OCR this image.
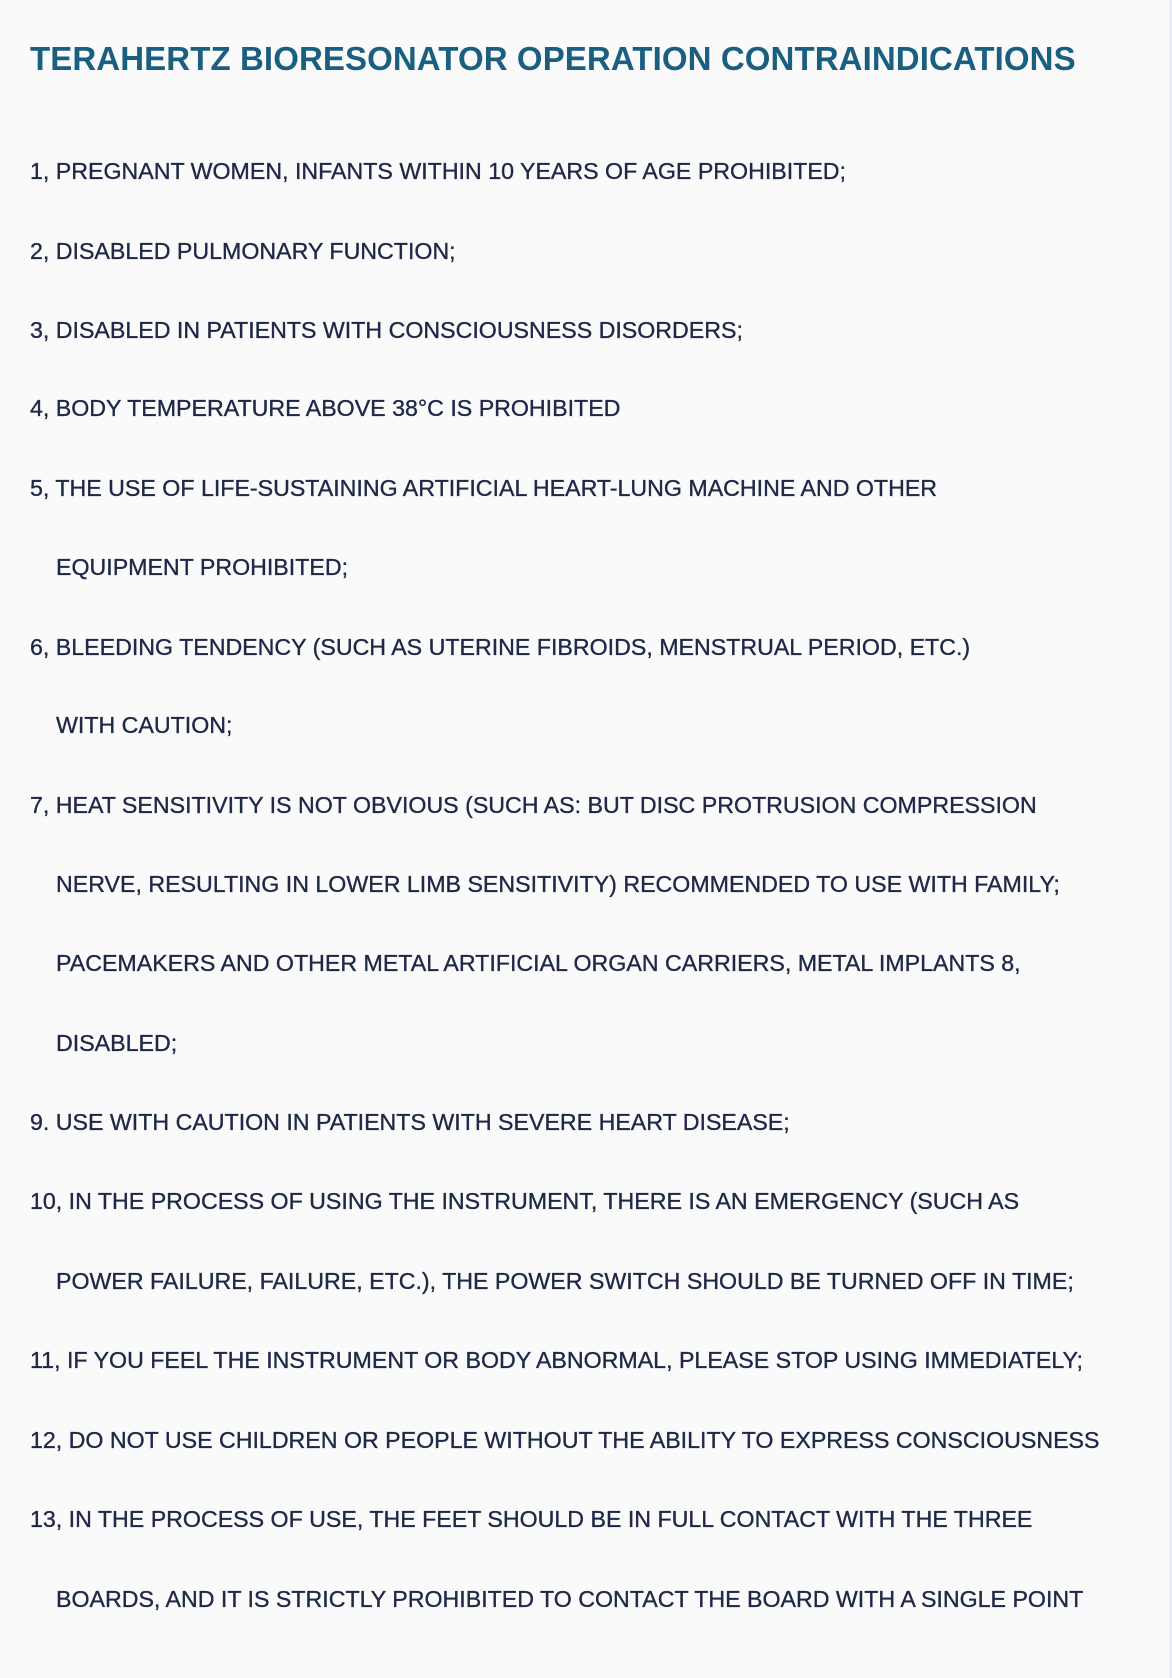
TERAHERTZ BIORESONATOR OPERATION CONTRAINDICATIONS

1, PREGNANT WOMEN, INFANTS WITHIN 10 YEARS OF AGE PROHIBITED;

2, DISABLED PULMONARY FUNCTION;

3, DISABLED IN PATIENTS WITH CONSCIOUSNESS DISORDERS;

4, BODY TEMPERATURE ABOVE 38°C IS PROHIBITED

5, THE USE OF LIFE-SUSTAINING ARTIFICIAL HEART-LUNG MACHINE AND OTHER

EQUIPMENT PROHIBITED;

6, BLEEDING TENDENCY (SUCH AS UTERINE FIBROIDS, MENSTRUAL PERIOD, ETC.)

WITH CAUTION;

7, HEAT SENSITIVITY IS NOT OBVIOUS (SUCH AS: BUT DISC PROTRUSION COMPRESSION

NERVE, RESULTING IN LOWER LIMB SENSITIVITY) RECOMMENDED TO USE WITH FAMILY;

PACEMAKERS AND OTHER METAL ARTIFICIAL ORGAN CARRIERS, METAL IMPLANTS 8,

DISABLED;

9. USE WITH CAUTION IN PATIENTS WITH SEVERE HEART DISEASE;

10, IN THE PROCESS OF USING THE INSTRUMENT, THERE IS AN EMERGENCY (SUCH AS

POWER FAILURE, FAILURE, ETC.), THE POWER SWITCH SHOULD BE TURNED OFF IN TIME;

11, IF YOU FEEL THE INSTRUMENT OR BODY ABNORMAL, PLEASE STOP USING IMMEDIATELY;

12, DO NOT USE CHILDREN OR PEOPLE WITHOUT THE ABILITY TO EXPRESS CONSCIOUSNESS

13, IN THE PROCESS OF USE, THE FEET SHOULD BE IN FULL CONTACT WITH THE THREE

BOARDS, AND IT IS STRICTLY PROHIBITED TO CONTACT THE BOARD WITH A SINGLE POINT
